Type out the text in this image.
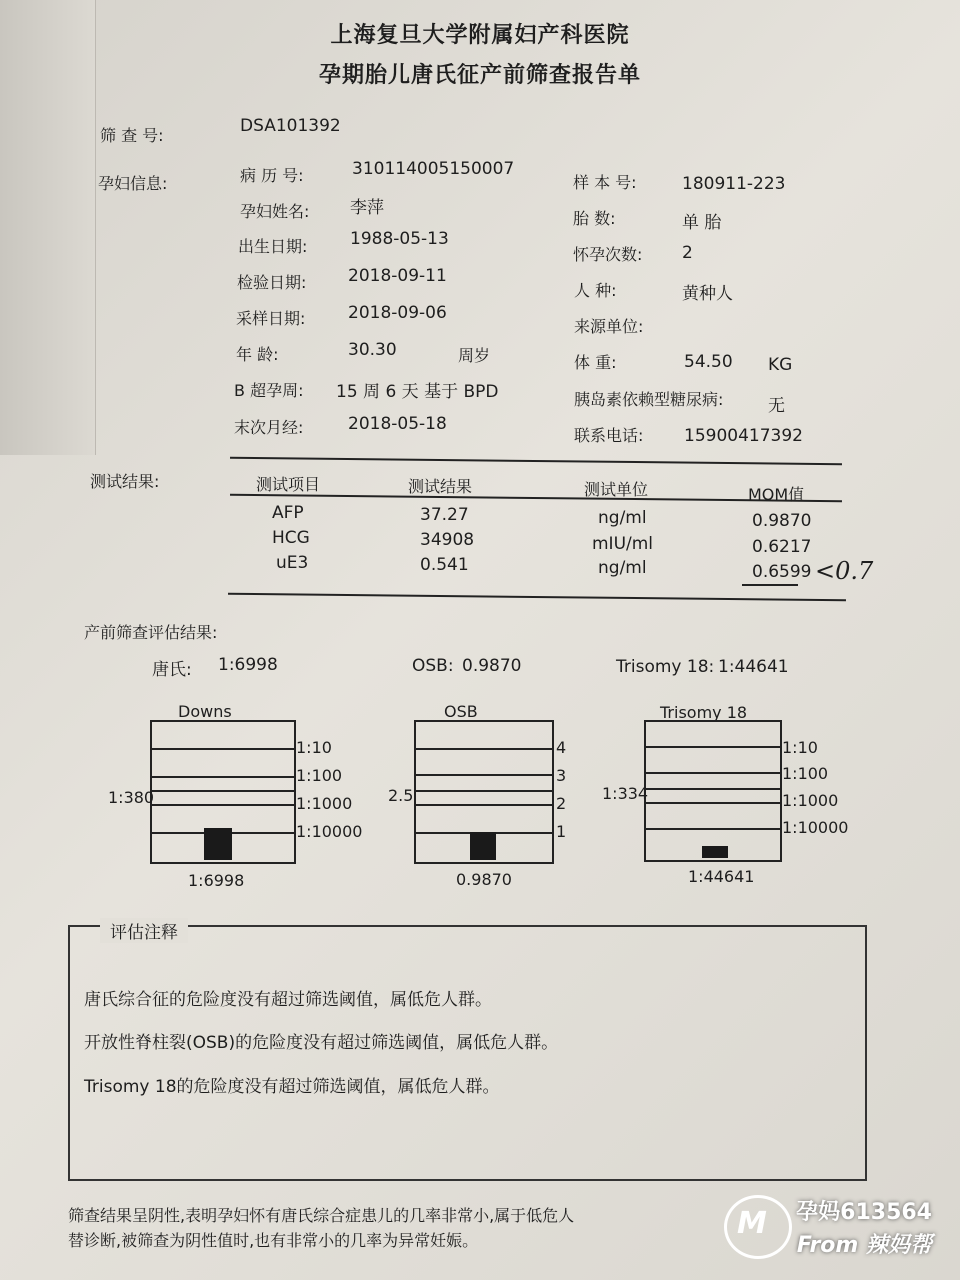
上海复旦大学附属妇产科医院
孕期胎儿唐氏征产前筛查报告单
筛 查 号:	DSA101392
孕妇信息:	病 历 号:	310114005150007
孕妇姓名: 李萍
出生日期:	1988-05-13
检验日期: 2018-09-11
采样日期:	2018-09-06
年 龄:	30.30	周岁
B 超孕周: 15 周 6 天 基于 BPD
末次月经:	2018-05-18
样 本 号:	180911-223
胎 数:	单 胎
怀孕次数: 2
人 种:	黄种人
来源单位:
体 重:	54.50 KG
胰岛素依赖型糖尿病:	无
联系电话: 15900417392
测试结果:	测试项目	测试结果	测试单位	MOM值
AFP	37.27	ng/ml	0.9870
HCG	34908	mIU/ml	0.6217
uE3	0.541	ng/ml	0.6599 <0.7
产前筛查评估结果:
唐氏: 1:6998	OSB: 0.9870	Trisomy 18: 1:44641
Downs
1:10
1:100
1:1000
1:10000
1:380
1:6998
OSB
4
3
2
1
2.5
0.9870
Trisomy 18
1:10
1:100
1:1000
1:10000
1:334
1:44641
评估注释
唐氏综合征的危险度没有超过筛选阈值，属低危人群。
开放性脊柱裂(OSB)的危险度没有超过筛选阈值，属低危人群。
Trisomy 18的危险度没有超过筛选阈值，属低危人群。
筛查结果呈阴性,表明孕妇怀有唐氏综合症患儿的几率非常小,属于低危人
替诊断,被筛查为阴性值时,也有非常小的几率为异常妊娠。	M	孕妈613564
From 辣妈帮
